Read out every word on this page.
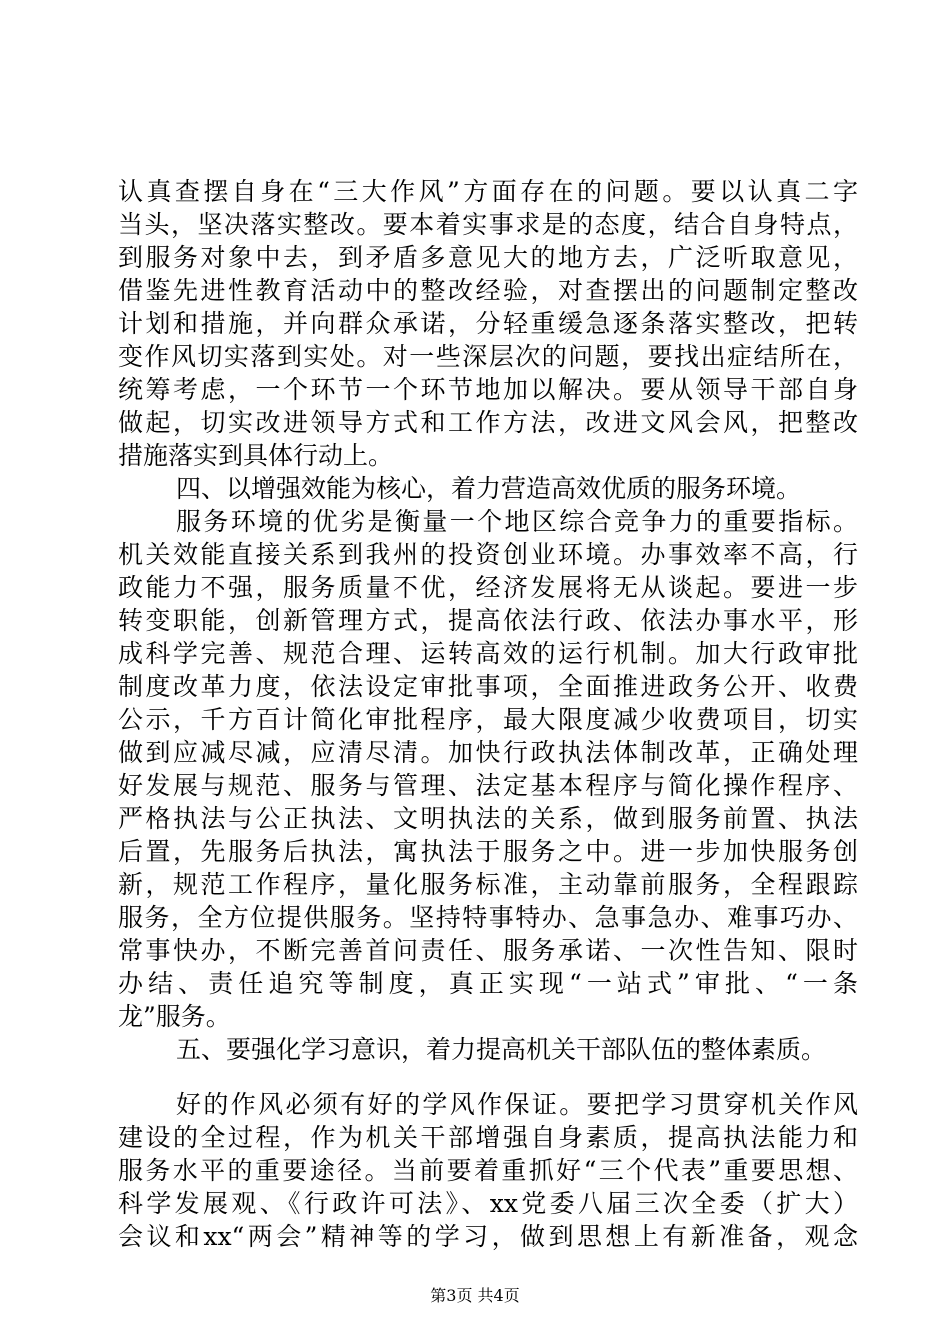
认真查摆自身在“三大作风”方面存在的问题。要以认真二字
当头，坚决落实整改。要本着实事求是的态度，结合自身特点，
到服务对象中去，到矛盾多意见大的地方去，广泛听取意见，
借鉴先进性教育活动中的整改经验，对查摆出的问题制定整改
计划和措施，并向群众承诺，分轻重缓急逐条落实整改，把转
变作风切实落到实处。对一些深层次的问题，要找出症结所在，
统筹考虑，一个环节一个环节地加以解决。要从领导干部自身
做起，切实改进领导方式和工作方法，改进文风会风，把整改
措施落实到具体行动上。
四、以增强效能为核心，着力营造高效优质的服务环境。
服务环境的优劣是衡量一个地区综合竞争力的重要指标。
机关效能直接关系到我州的投资创业环境。办事效率不高，行
政能力不强，服务质量不优，经济发展将无从谈起。要进一步
转变职能，创新管理方式，提高依法行政、依法办事水平，形
成科学完善、规范合理、运转高效的运行机制。加大行政审批
制度改革力度，依法设定审批事项，全面推进政务公开、收费
公示，千方百计简化审批程序，最大限度减少收费项目，切实
做到应减尽减，应清尽清。加快行政执法体制改革，正确处理
好发展与规范、服务与管理、法定基本程序与简化操作程序、
严格执法与公正执法、文明执法的关系，做到服务前置、执法
后置，先服务后执法，寓执法于服务之中。进一步加快服务创
新，规范工作程序，量化服务标准，主动靠前服务，全程跟踪
服务，全方位提供服务。坚持特事特办、急事急办、难事巧办、
常事快办，不断完善首问责任、服务承诺、一次性告知、限时
办结、责任追究等制度，真正实现“一站式”审批、“一条
龙”服务。
五、要强化学习意识，着力提高机关干部队伍的整体素质。
好的作风必须有好的学风作保证。要把学习贯穿机关作风
建设的全过程，作为机关干部增强自身素质，提高执法能力和
服务水平的重要途径。当前要着重抓好“三个代表”重要思想、
科学发展观、《行政许可法》、xx党委八届三次全委（扩大）
会议和xx“两会”精神等的学习，做到思想上有新准备，观念
第3页 共4页
